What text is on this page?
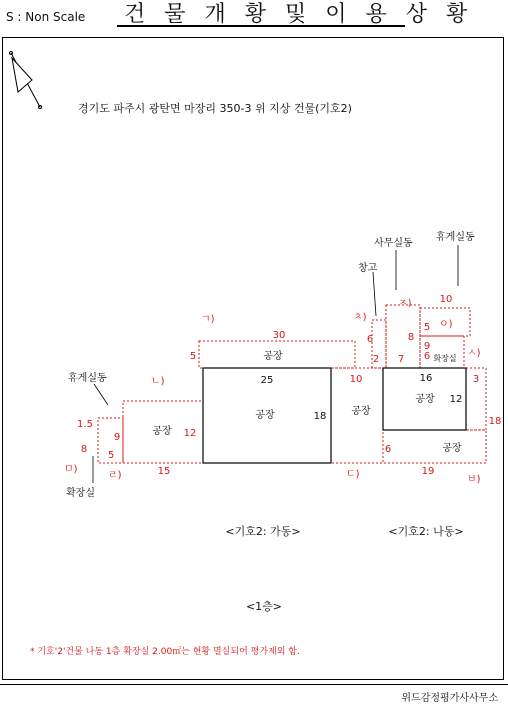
S : Non Scale 건 물 개 황 및 이 용 상 황
경기도 파주시 광탄면 마장리 350-3 위 지상 건물(기호2)
사무실동
휴게실동
창고
휴게실동
확장실
공장
공장
공장
공장
공장
공장
화장실
25
18
16
12
ㄱ)
ㄴ)
ㄷ)
ㄹ)
ㅁ)
ㅂ)
ㅅ)
ㅇ)
ㅈ)
ㅊ)
30
5
12
1.5
8
9
5
15
10
6
6
2
8
7
10
5
9
6
3
18
19
<기호2: 가동>	<기호2: 나동>
<1층>
* 기호'2'건물 나동 1층 확장실 2.00㎡는 현황 멸실되어 평가제외 함.
위드감정평가사사무소
